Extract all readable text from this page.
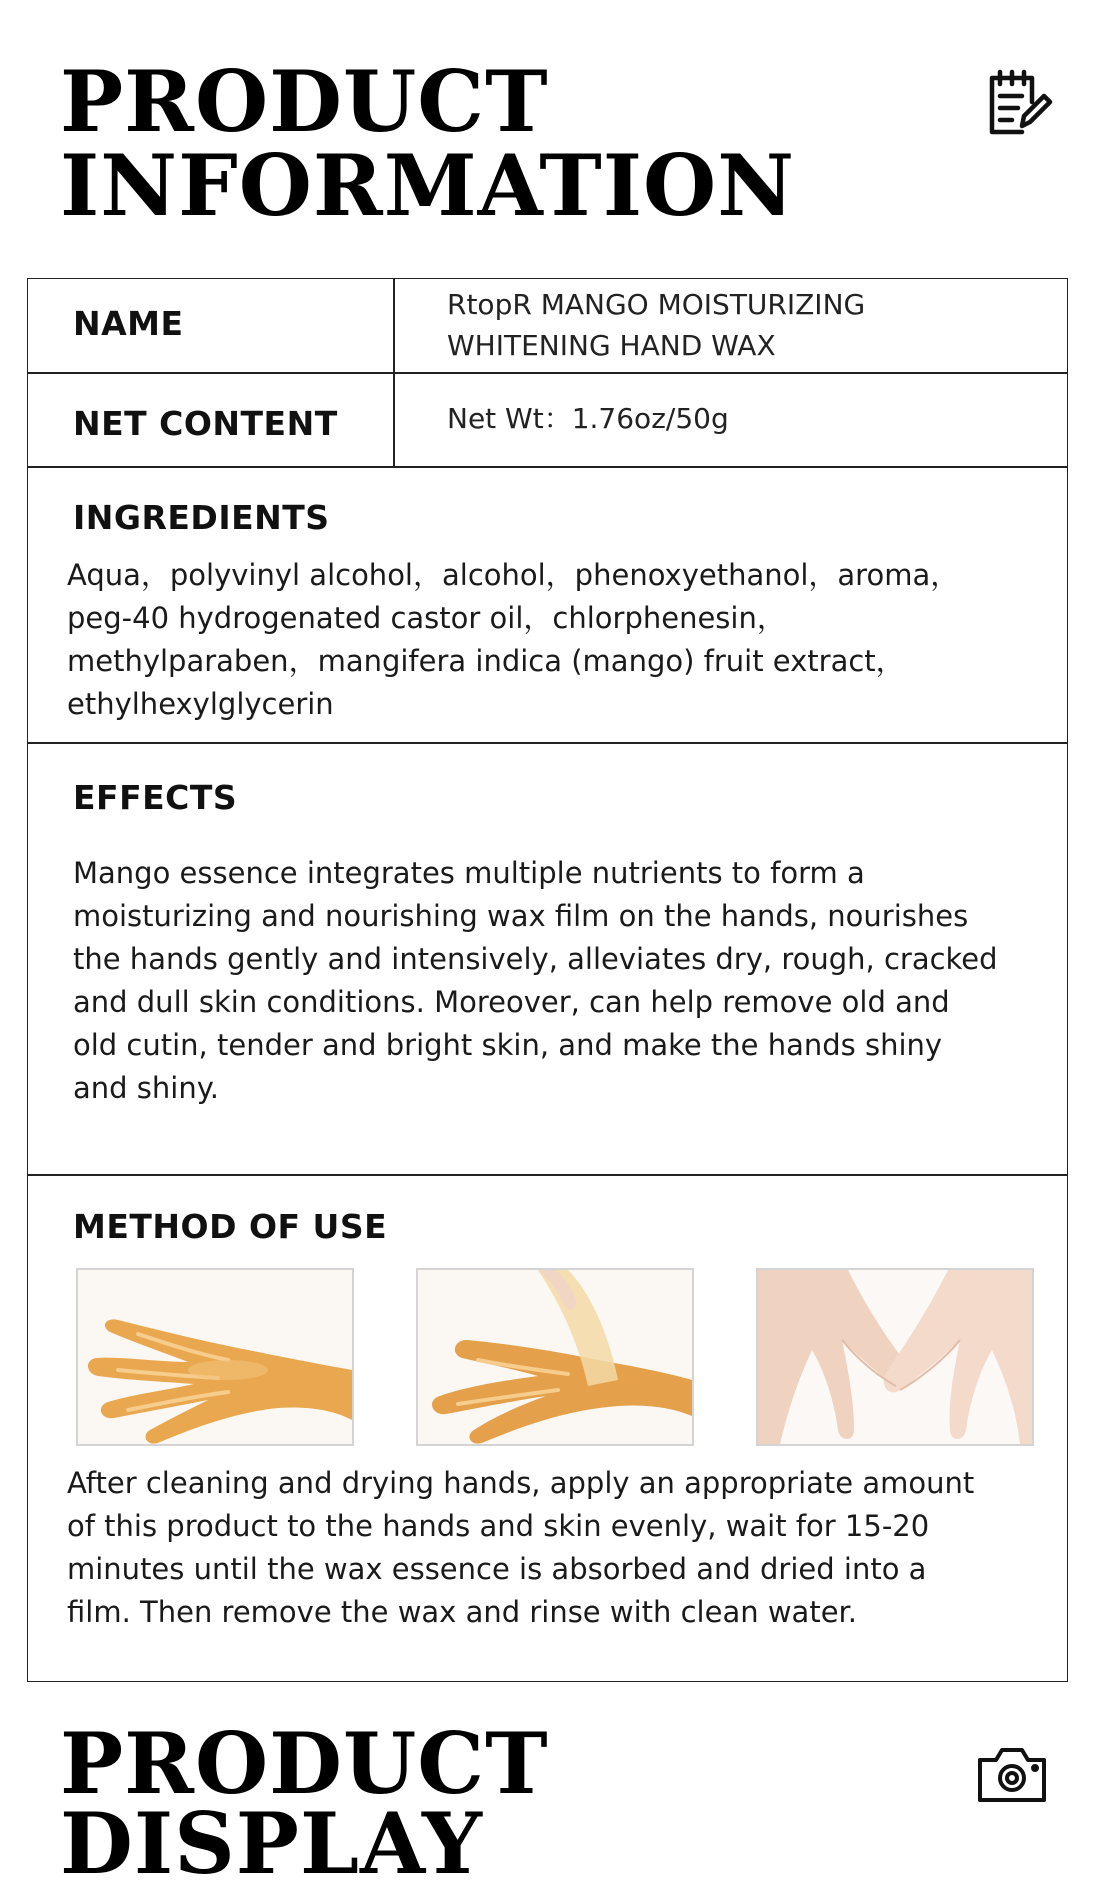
PRODUCT
INFORMATION
NAME	RtopR MANGO MOISTURIZING
WHITENING HAND WAX
NET CONTENT	Net Wt：1.76oz/50g
INGREDIENTS
Aqua，polyvinyl alcohol，alcohol，phenoxyethanol，aroma，
peg-40 hydrogenated castor oil，chlorphenesin，
methylparaben，mangifera indica (mango) fruit extract，
ethylhexylglycerin
EFFECTS
Mango essence integrates multiple nutrients to form a
moisturizing and nourishing wax film on the hands, nourishes
the hands gently and intensively, alleviates dry, rough, cracked
and dull skin conditions. Moreover, can help remove old and
old cutin, tender and bright skin, and make the hands shiny
and shiny.
METHOD OF USE
After cleaning and drying hands, apply an appropriate amount
of this product to the hands and skin evenly, wait for 15-20
minutes until the wax essence is absorbed and dried into a
film. Then remove the wax and rinse with clean water.
PRODUCT
DISPLAY
